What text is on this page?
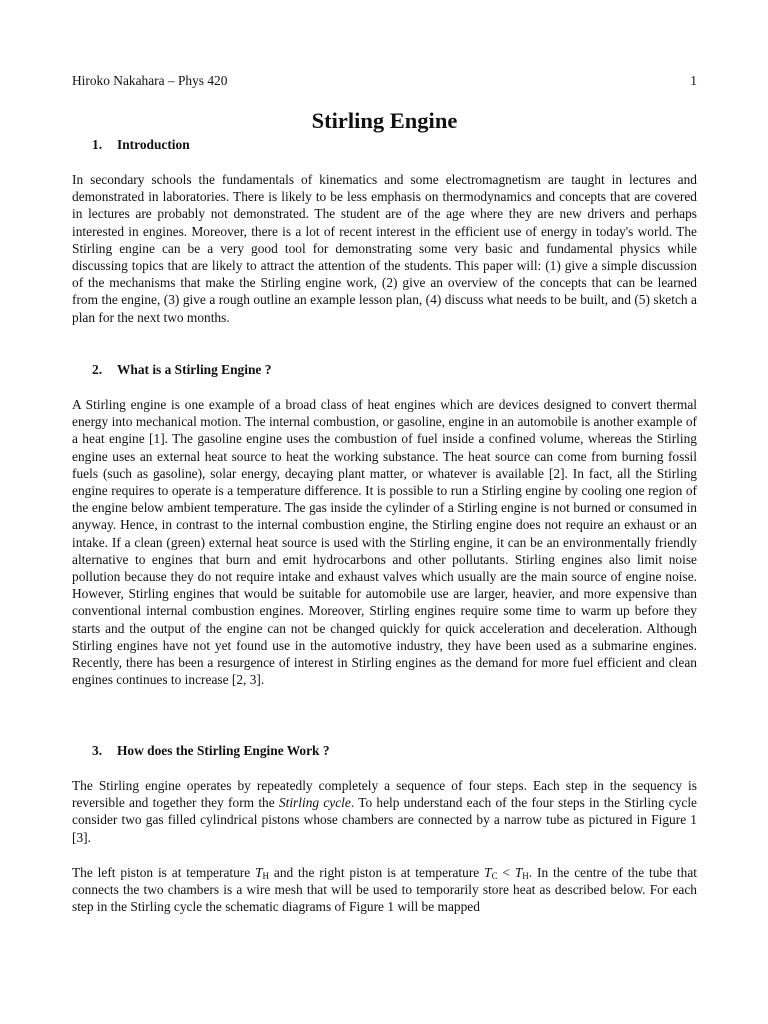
Hiroko Nakahara – Phys 420	1
Stirling Engine
1. Introduction

In secondary schools the fundamentals of kinematics and some electromagnetism are taught in lectures and demonstrated in laboratories. There is likely to be less emphasis on thermodynamics and concepts that are covered in lectures are probably not demonstrated. The student are of the age where they are new drivers and perhaps interested in engines. Moreover, there is a lot of recent interest in the efficient use of energy in today's world. The Stirling engine can be a very good tool for demonstrating some very basic and fundamental physics while discussing topics that are likely to attract the attention of the students. This paper will: (1) give a simple discussion of the mechanisms that make the Stirling engine work, (2) give an overview of the concepts that can be learned from the engine, (3) give a rough outline an example lesson plan, (4) discuss what needs to be built, and (5) sketch a plan for the next two months.

2. What is a Stirling Engine ?

A Stirling engine is one example of a broad class of heat engines which are devices designed to convert thermal energy into mechanical motion. The internal combustion, or gasoline, engine in an automobile is another example of a heat engine [1]. The gasoline engine uses the combustion of fuel inside a confined volume, whereas the Stirling engine uses an external heat source to heat the working substance. The heat source can come from burning fossil fuels (such as gasoline), solar energy, decaying plant matter, or whatever is available [2]. In fact, all the Stirling engine requires to operate is a temperature difference. It is possible to run a Stirling engine by cooling one region of the engine below ambient temperature. The gas inside the cylinder of a Stirling engine is not burned or consumed in anyway. Hence, in contrast to the internal combustion engine, the Stirling engine does not require an exhaust or an intake. If a clean (green) external heat source is used with the Stirling engine, it can be an environmentally friendly alternative to engines that burn and emit hydrocarbons and other pollutants. Stirling engines also limit noise pollution because they do not require intake and exhaust valves which usually are the main source of engine noise. However, Stirling engines that would be suitable for automobile use are larger, heavier, and more expensive than conventional internal combustion engines. Moreover, Stirling engines require some time to warm up before they starts and the output of the engine can not be changed quickly for quick acceleration and deceleration. Although Stirling engines have not yet found use in the automotive industry, they have been used as a submarine engines. Recently, there has been a resurgence of interest in Stirling engines as the demand for more fuel efficient and clean engines continues to increase [2, 3].

3. How does the Stirling Engine Work ?

The Stirling engine operates by repeatedly completely a sequence of four steps. Each step in the sequency is reversible and together they form the Stirling cycle. To help understand each of the four steps in the Stirling cycle consider two gas filled cylindrical pistons whose chambers are connected by a narrow tube as pictured in Figure 1 [3].

The left piston is at temperature $T_H$ and the right piston is at temperature $T_C < T_H$. In the centre of the tube that connects the two chambers is a wire mesh that will be used to temporarily store heat as described below. For each step in the Stirling cycle the schematic diagrams of Figure 1 will be mapped
